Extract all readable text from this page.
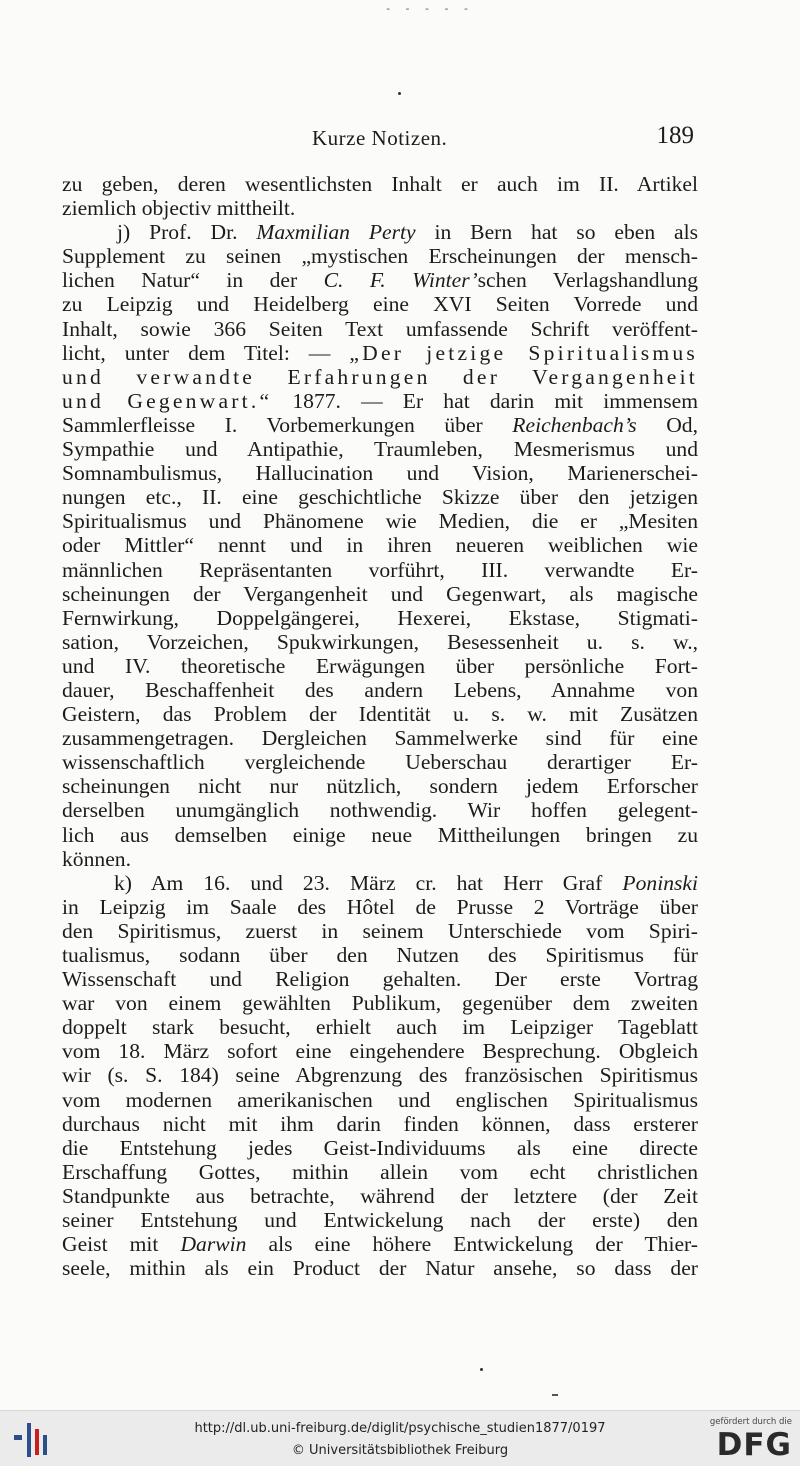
- - - - -
Kurze Notizen.	189
zu geben, deren wesentlichsten Inhalt er auch im II. Artikel
ziemlich objectiv mittheilt.
j) Prof. Dr. Maxmilian Perty in Bern hat so eben als
Supplement zu seinen „mystischen Erscheinungen der mensch-
lichen Natur“ in der C. F. Winter’schen Verlagshandlung
zu Leipzig und Heidelberg eine XVI Seiten Vorrede und
Inhalt, sowie 366 Seiten Text umfassende Schrift veröffent-
licht, unter dem Titel: — „Der jetzige Spiritualismus
und verwandte Erfahrungen der Vergangenheit
und Gegenwart.“ 1877. — Er hat darin mit immensem
Sammlerfleisse I. Vorbemerkungen über Reichenbach’s Od,
Sympathie und Antipathie, Traumleben, Mesmerismus und
Somnambulismus, Hallucination und Vision, Marienerschei-
nungen etc., II. eine geschichtliche Skizze über den jetzigen
Spiritualismus und Phänomene wie Medien, die er „Mesiten
oder Mittler“ nennt und in ihren neueren weiblichen wie
männlichen Repräsentanten vorführt, III. verwandte Er-
scheinungen der Vergangenheit und Gegenwart, als magische
Fernwirkung, Doppelgängerei, Hexerei, Ekstase, Stigmati-
sation, Vorzeichen, Spukwirkungen, Besessenheit u. s. w.,
und IV. theoretische Erwägungen über persönliche Fort-
dauer, Beschaffenheit des andern Lebens, Annahme von
Geistern, das Problem der Identität u. s. w. mit Zusätzen
zusammengetragen. Dergleichen Sammelwerke sind für eine
wissenschaftlich vergleichende Ueberschau derartiger Er-
scheinungen nicht nur nützlich, sondern jedem Erforscher
derselben unumgänglich nothwendig. Wir hoffen gelegent-
lich aus demselben einige neue Mittheilungen bringen zu
können.
k) Am 16. und 23. März cr. hat Herr Graf Poninski
in Leipzig im Saale des Hôtel de Prusse 2 Vorträge über
den Spiritismus, zuerst in seinem Unterschiede vom Spiri-
tualismus, sodann über den Nutzen des Spiritismus für
Wissenschaft und Religion gehalten. Der erste Vortrag
war von einem gewählten Publikum, gegenüber dem zweiten
doppelt stark besucht, erhielt auch im Leipziger Tageblatt
vom 18. März sofort eine eingehendere Besprechung. Obgleich
wir (s. S. 184) seine Abgrenzung des französischen Spiritismus
vom modernen amerikanischen und englischen Spiritualismus
durchaus nicht mit ihm darin finden können, dass ersterer
die Entstehung jedes Geist-Individuums als eine directe
Erschaffung Gottes, mithin allein vom echt christlichen
Standpunkte aus betrachte, während der letztere (der Zeit
seiner Entstehung und Entwickelung nach der erste) den
Geist mit Darwin als eine höhere Entwickelung der Thier-
seele, mithin als ein Product der Natur ansehe, so dass der
http://dl.ub.uni-freiburg.de/diglit/psychische_studien1877/0197
© Universitätsbibliothek Freiburg
gefördert durch die
DFG
